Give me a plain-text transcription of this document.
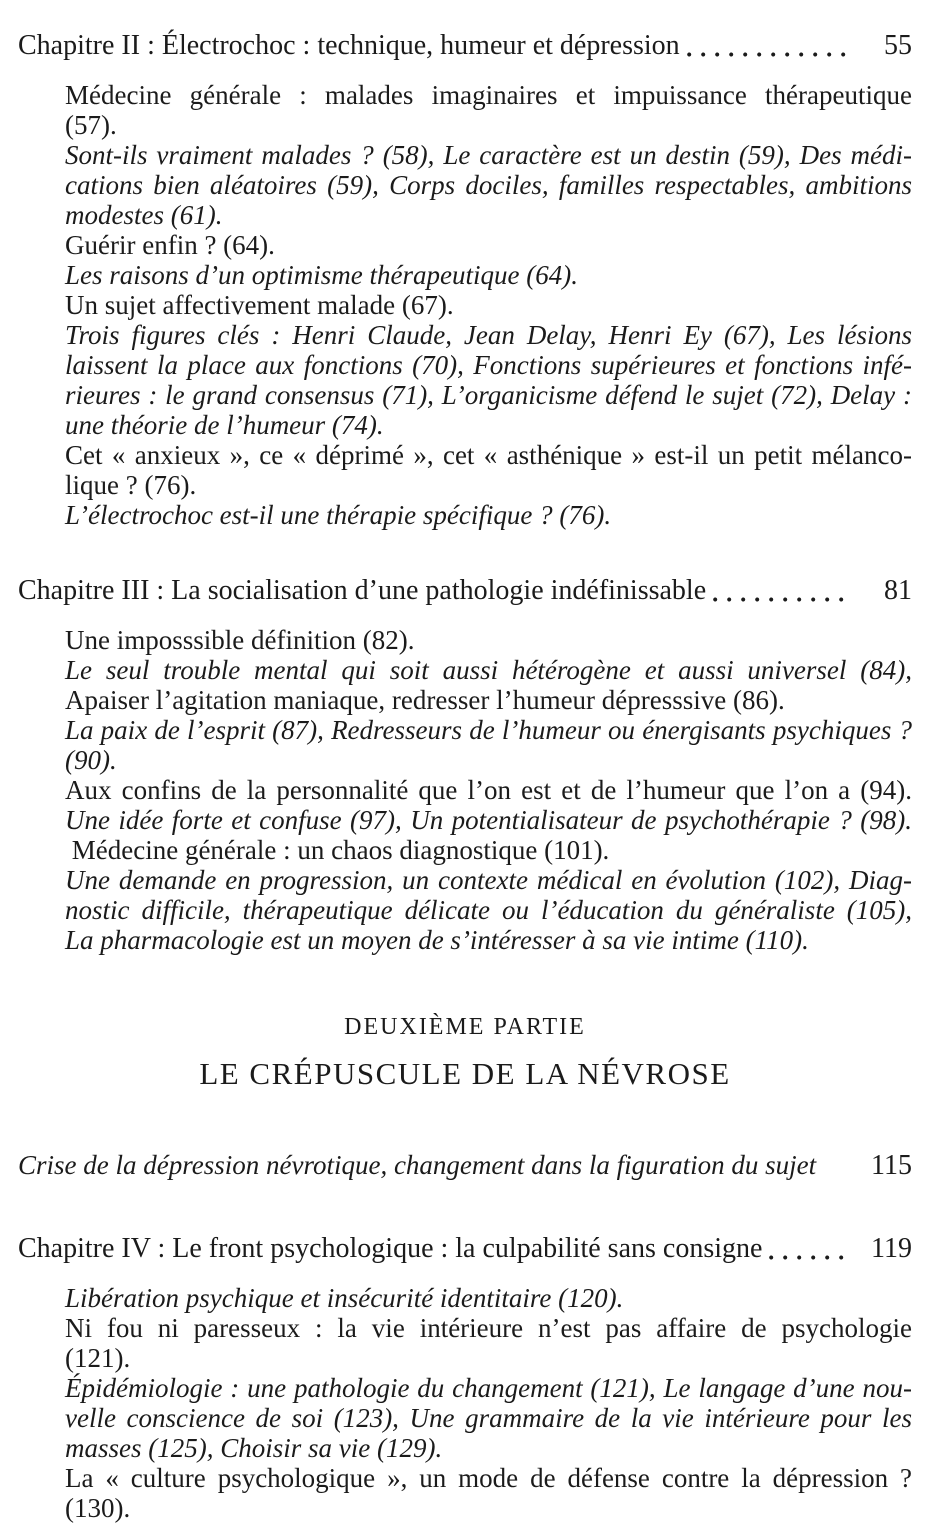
Chapitre II : Électrochoc : technique, humeur et dépression	55
Médecine générale : malades imaginaires et impuissance thérapeutique
(57).
Sont-ils vraiment malades ? (58), Le caractère est un destin (59), Des médi-
cations bien aléatoires (59), Corps dociles, familles respectables, ambitions
modestes (61).
Guérir enfin ? (64).
Les raisons d’un optimisme thérapeutique (64).
Un sujet affectivement malade (67).
Trois figures clés : Henri Claude, Jean Delay, Henri Ey (67), Les lésions
laissent la place aux fonctions (70), Fonctions supérieures et fonctions infé-
rieures : le grand consensus (71), L’organicisme défend le sujet (72), Delay :
une théorie de l’humeur (74).
Cet « anxieux », ce « déprimé », cet « asthénique » est-il un petit mélanco-
lique ? (76).
L’électrochoc est-il une thérapie spécifique ? (76).
Chapitre III : La socialisation d’une pathologie indéfinissable	81
Une imposssible définition (82).
Le seul trouble mental qui soit aussi hétérogène et aussi universel (84),
Apaiser l’agitation maniaque, redresser l’humeur dépresssive (86).
La paix de l’esprit (87), Redresseurs de l’humeur ou énergisants psychiques ?
(90).
Aux confins de la personnalité que l’on est et de l’humeur que l’on a (94).
Une idée forte et confuse (97), Un potentialisateur de psychothérapie ? (98).
Médecine générale : un chaos diagnostique (101).
Une demande en progression, un contexte médical en évolution (102), Diag-
nostic difficile, thérapeutique délicate ou l’éducation du généraliste (105),
La pharmacologie est un moyen de s’intéresser à sa vie intime (110).
DEUXIÈME PARTIE
LE CRÉPUSCULE DE LA NÉVROSE
Crise de la dépression névrotique, changement dans la figuration du sujet 115
Chapitre IV : Le front psychologique : la culpabilité sans consigne	119
Libération psychique et insécurité identitaire (120).
Ni fou ni paresseux : la vie intérieure n’est pas affaire de psychologie
(121).
Épidémiologie : une pathologie du changement (121), Le langage d’une nou-
velle conscience de soi (123), Une grammaire de la vie intérieure pour les
masses (125), Choisir sa vie (129).
La « culture psychologique », un mode de défense contre la dépression ?
(130).
